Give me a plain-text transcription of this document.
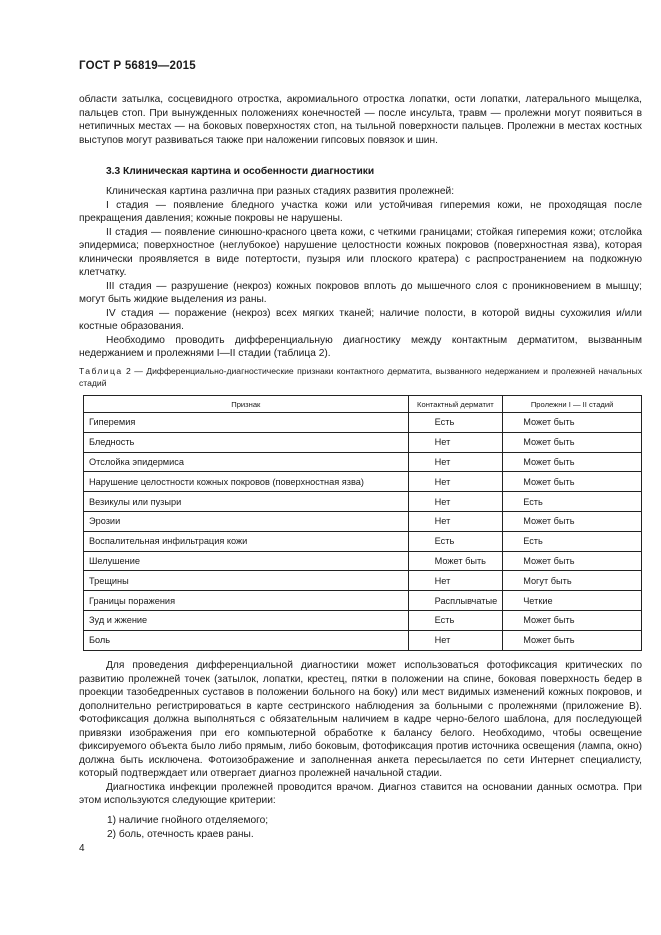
ГОСТ Р 56819—2015

области затылка, сосцевидного отростка, акромиального отростка лопатки, ости лопатки, латерального мыщелка, пальцев стоп. При вынужденных положениях конечностей — после инсульта, травм — пролежни могут появиться в нетипичных местах — на боковых поверхностях стоп, на тыльной поверхности пальцев. Пролежни в местах костных выступов могут развиваться также при наложении гипсовых повязок и шин.

3.3 Клиническая картина и особенности диагностики

Клиническая картина различна при разных стадиях развития пролежней:

I стадия — появление бледного участка кожи или устойчивая гиперемия кожи, не проходящая после прекращения давления; кожные покровы не нарушены.

II стадия — появление синюшно-красного цвета кожи, с четкими границами; стойкая гиперемия кожи; отслойка эпидермиса; поверхностное (неглубокое) нарушение целостности кожных покровов (поверхностная язва), которая клинически проявляется в виде потертости, пузыря или плоского кратера) с распространением на подкожную клетчатку.

III стадия — разрушение (некроз) кожных покровов вплоть до мышечного слоя с проникновением в мышцу; могут быть жидкие выделения из раны.

IV стадия — поражение (некроз) всех мягких тканей; наличие полости, в которой видны сухожилия и/или костные образования.

Необходимо проводить дифференциальную диагностику между контактным дерматитом, вызванным недержанием и пролежнями I—II стадии (таблица 2).

Таблица 2 — Дифференциально-диагностические признаки контактного дерматита, вызванного недержанием и пролежней начальных стадий
Признак	Контактный дерматит	Пролежни I — II стадий
Гиперемия	Есть	Может быть
Бледность	Нет	Может быть
Отслойка эпидермиса	Нет	Может быть
Нарушение целостности кожных покровов (поверхностная язва)	Нет	Может быть
Везикулы или пузыри	Нет	Есть
Эрозии	Нет	Может быть
Воспалительная инфильтрация кожи	Есть	Есть
Шелушение	Может быть	Может быть
Трещины	Нет	Могут быть
Границы поражения	Расплывчатые	Четкие
Зуд и жжение	Есть	Может быть
Боль	Нет	Может быть

Для проведения дифференциальной диагностики может использоваться фотофиксация критических по развитию пролежней точек (затылок, лопатки, крестец, пятки в положении на спине, боковая поверхность бедер в проекции тазобедренных суставов в положении больного на боку) или мест видимых изменений кожных покровов, и дополнительно регистрироваться в карте сестринского наблюдения за больными с пролежнями (приложение В). Фотофиксация должна выполняться с обязательным наличием в кадре черно-белого шаблона, для последующей привязки изображения при его компьютерной обработке к балансу белого. Необходимо, чтобы освещение фиксируемого объекта было либо прямым, либо боковым, фотофиксация против источника освещения (лампа, окно) должна быть исключена. Фотоизображение и заполненная анкета пересылается по сети Интернет специалисту, который подтверждает или отвергает диагноз пролежней начальной стадии.

Диагностика инфекции пролежней проводится врачом. Диагноз ставится на основании данных осмотра. При этом используются следующие критерии:

1) наличие гнойного отделяемого;
2) боль, отечность краев раны.
4
